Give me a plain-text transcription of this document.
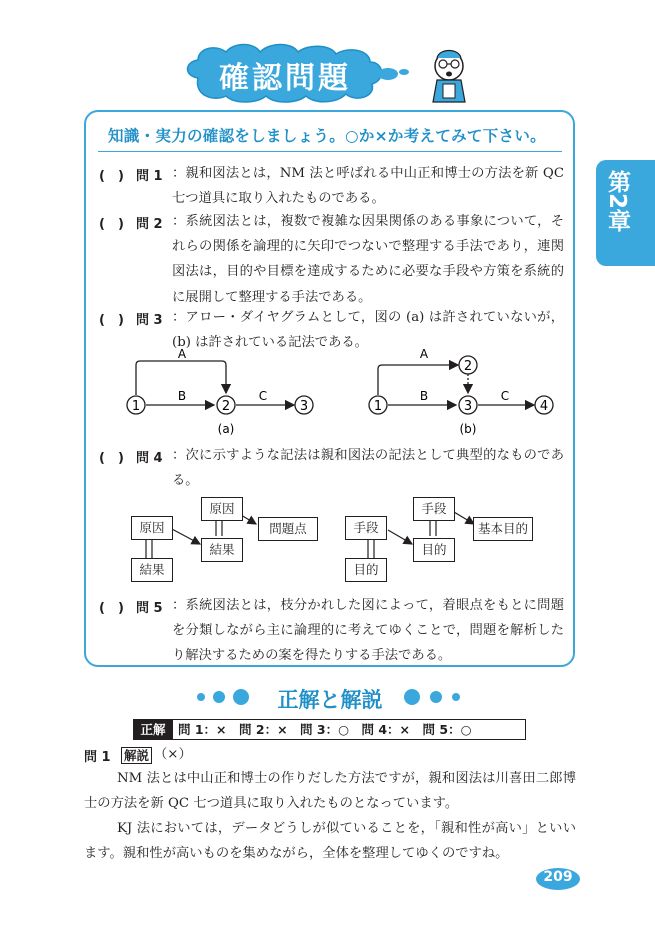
確認問題
第2章
知識・実力の確認をしましょう。○か×か考えてみて下さい。
(　) 問 1 ：親和図法とは，NM 法と呼ばれる中山正和博士の方法を新 QC 七つ道具に取り入れたものである。
(　) 問 2 ：系統図法とは，複数で複雑な因果関係のある事象について，それらの関係を論理的に矢印でつないで整理する手法であり，連関図法は，目的や目標を達成するために必要な手段や方策を系統的に展開して整理する手法である。
(　) 問 3 ：アロー・ダイヤグラムとして，図の (a) は許されていないが，(b) は許されている記法である。
1	2	3
A
B	C
(a)
1
2
3	4
A
B	C
(b)
(　) 問 4 ：次に示すような記法は親和図法の記法として典型的なものである。
原因
結果
原因
結果
問題点	手段
目的
手段
目的
基本目的
(　) 問 5 ：系統図法とは，枝分かれした図によって，着眼点をもとに問題を分類しながら主に論理的に考えてゆくことで，問題を解析したり解決するための案を得たりする手法である。
正解と解説
正解	問 1：×　問 2：×　問 3：○　問 4：×　問 5：○
問 1 解説 （×）
NM 法とは中山正和博士の作りだした方法ですが，親和図法は川喜田二郎博士の方法を新 QC 七つ道具に取り入れたものとなっています。
KJ 法においては，データどうしが似ていることを，「親和性が高い」といいます。親和性が高いものを集めながら，全体を整理してゆくのですね。
209
